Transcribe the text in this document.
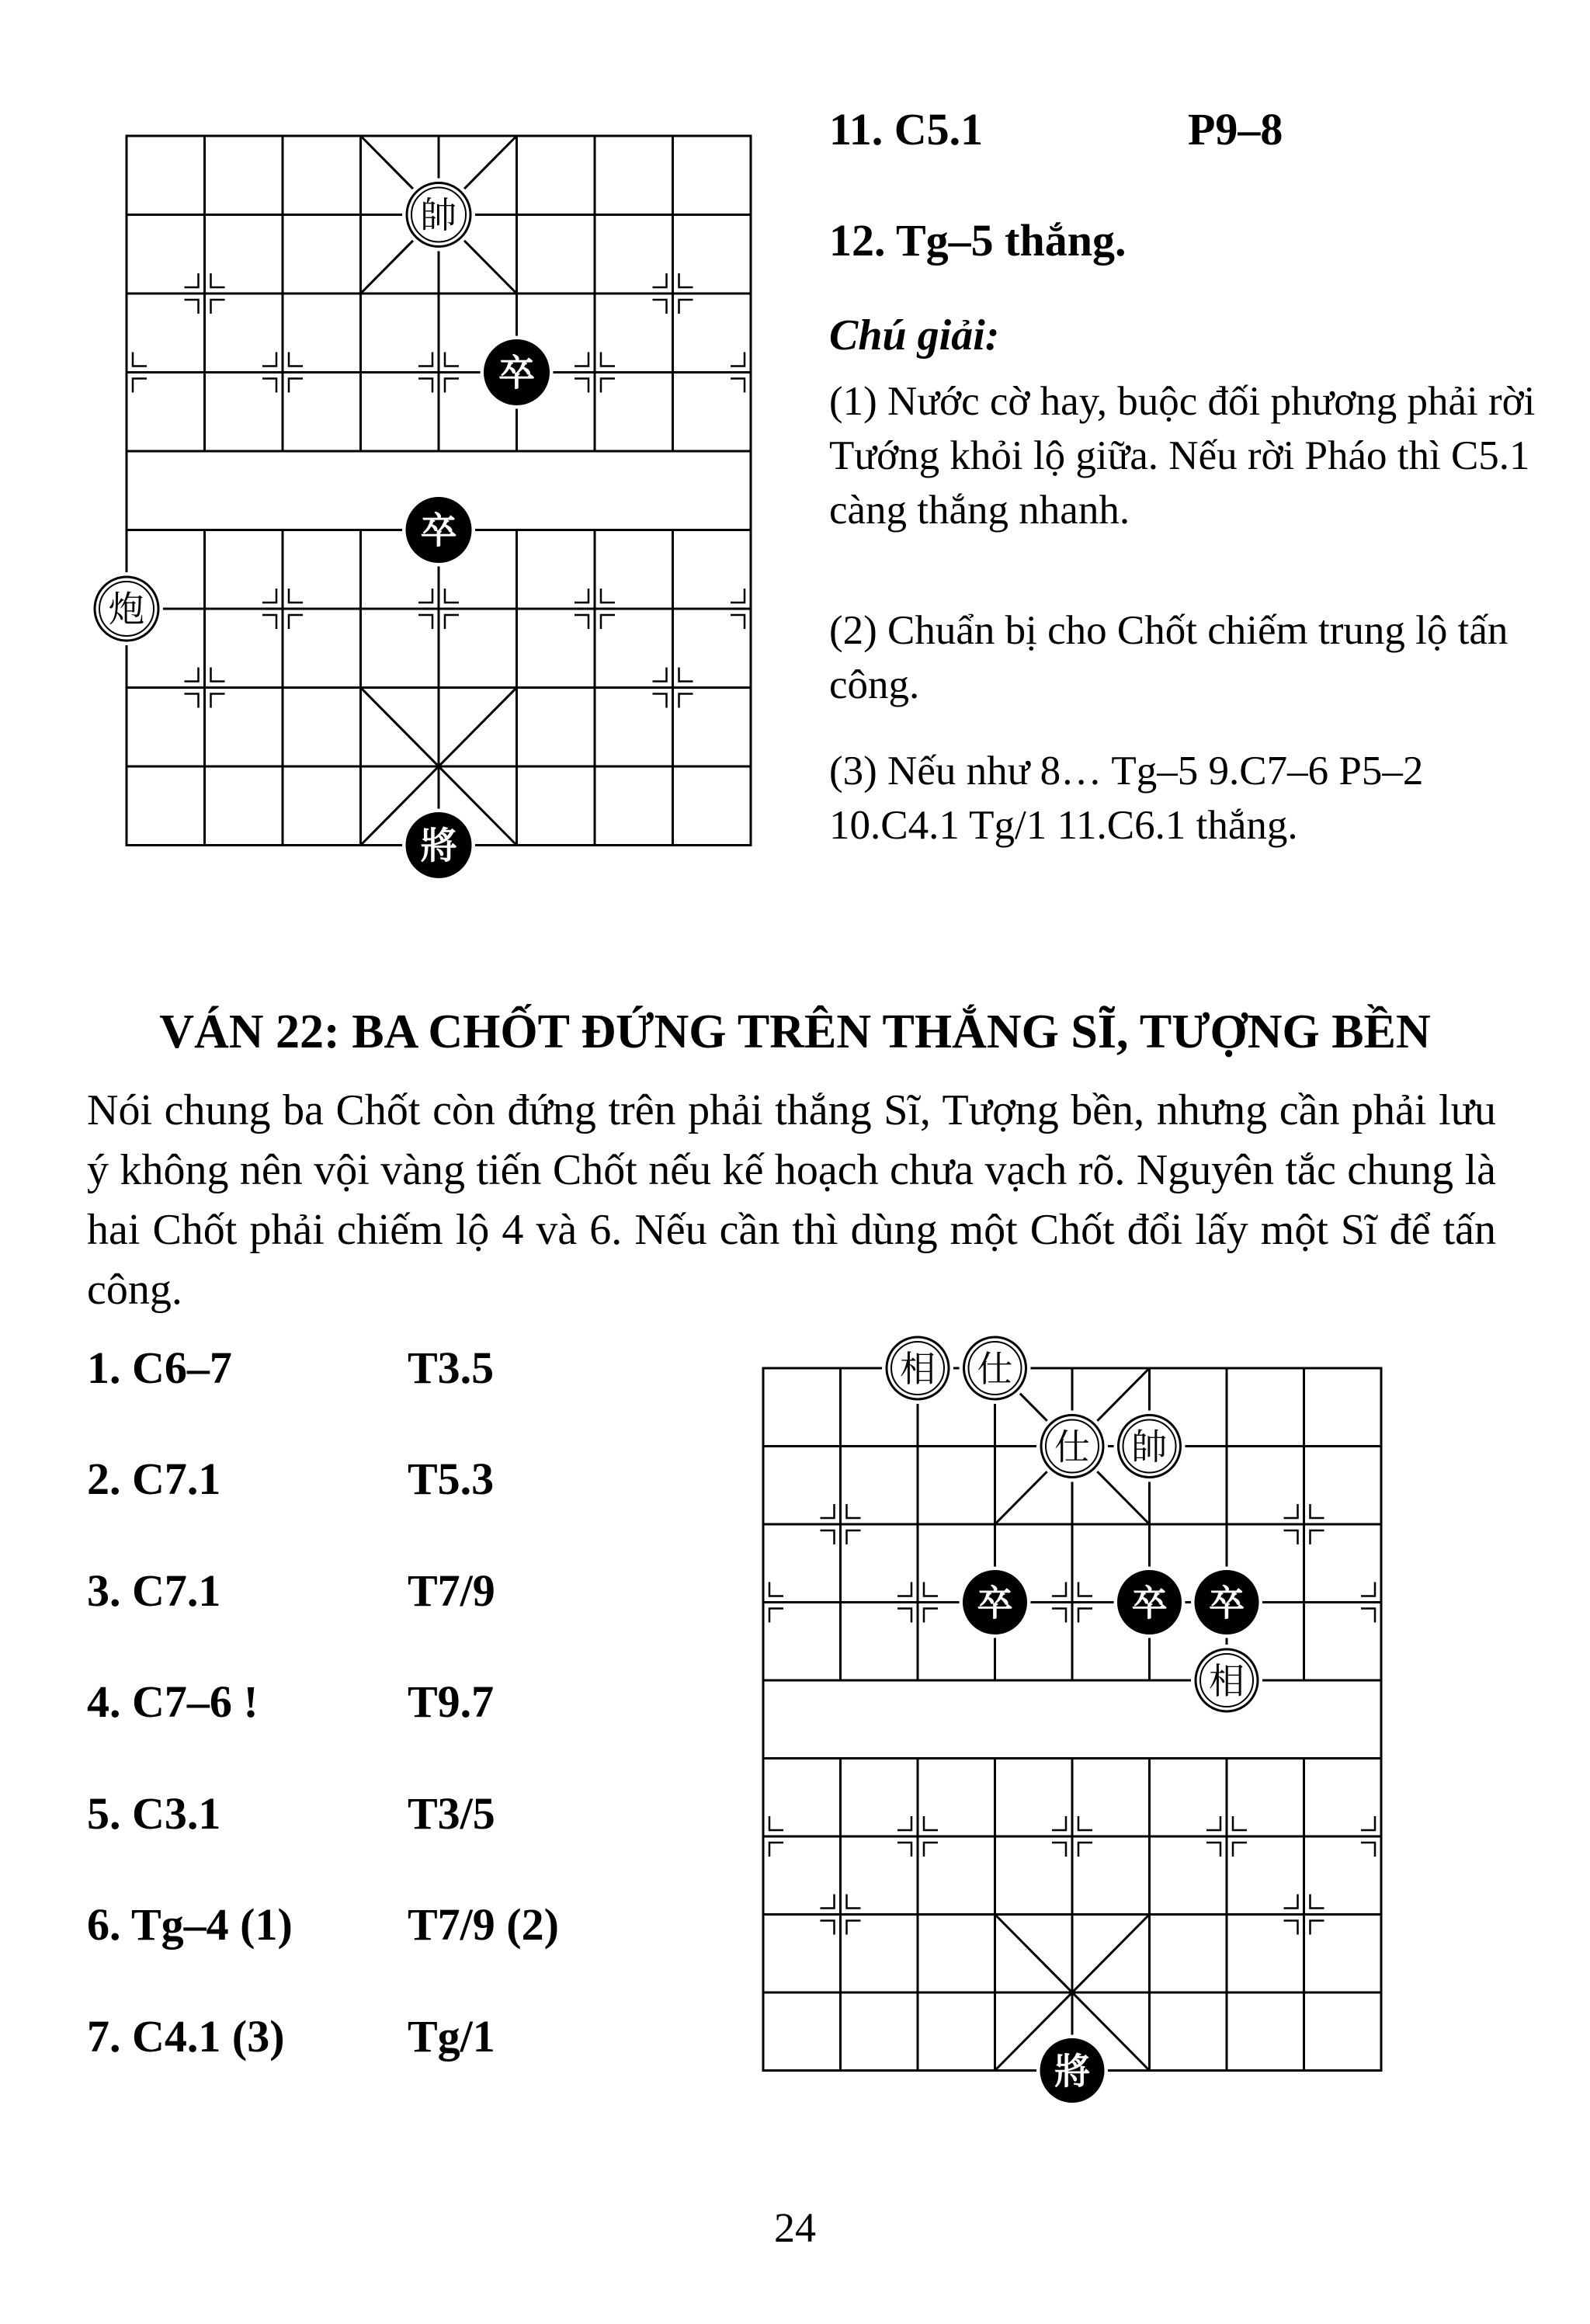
帥
卒
卒
炮
將
11. C5.1	P9–8
12. Tg–5 thắng.
Chú giải:
(1) Nước cờ hay, buộc đối phương phải rời Tướng khỏi lộ giữa. Nếu rời Pháo thì C5.1 càng thắng nhanh.
(2) Chuẩn bị cho Chốt chiếm trung lộ tấn công.
(3) Nếu như 8… Tg–5 9.C7–6 P5–2 10.C4.1 Tg/1 11.C6.1 thắng.
VÁN 22: BA CHỐT ĐỨNG TRÊN THẮNG SĨ, TƯỢNG BỀN
Nói chung ba Chốt còn đứng trên phải thắng Sĩ, Tượng bền, nhưng cần phải lưu ý không nên vội vàng tiến Chốt nếu kế hoạch chưa vạch rõ. Nguyên tắc chung là hai Chốt phải chiếm lộ 4 và 6. Nếu cần thì dùng một Chốt đổi lấy một Sĩ để tấn công.
1. C6–7	T3.5
2. C7.1	T5.3
3. C7.1	T7/9
4. C7–6 !	T9.7
5. C3.1	T3/5
6. Tg–4 (1)	T7/9 (2)
7. C4.1 (3)	Tg/1
相 仕
仕 帥
卒	卒 卒
相
將
24
